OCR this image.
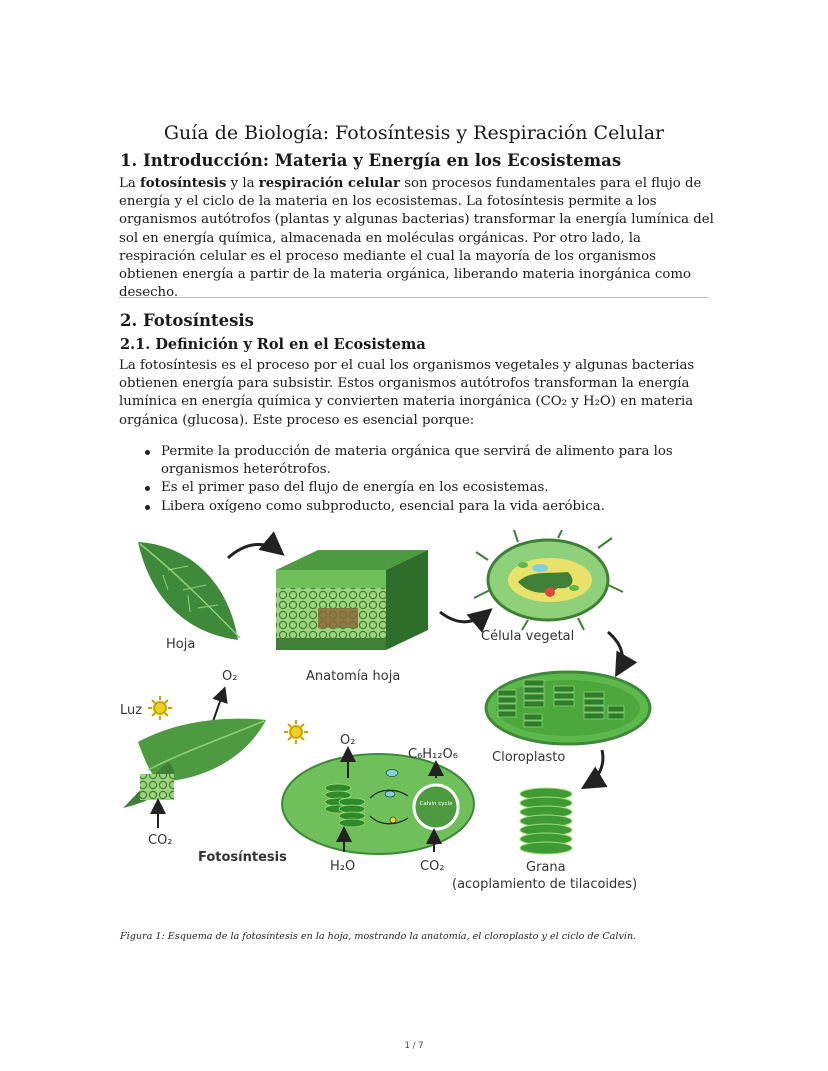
Guía de Biología: Fotosíntesis y Respiración Celular
1. Introducción: Materia y Energía en los Ecosistemas

La fotosíntesis y la respiración celular son procesos fundamentales para el flujo de energía y el ciclo de la materia en los ecosistemas. La fotosíntesis permite a los organismos autótrofos (plantas y algunas bacterias) transformar la energía lumínica del sol en energía química, almacenada en moléculas orgánicas. Por otro lado, la respiración celular es el proceso mediante el cual la mayoría de los organismos obtienen energía a partir de la materia orgánica, liberando materia inorgánica como desecho.

2. Fotosíntesis
2.1. Definición y Rol en el Ecosistema

La fotosíntesis es el proceso por el cual los organismos vegetales y algunas bacterias obtienen energía para subsistir. Estos organismos autótrofos transforman la energía lumínica en energía química y convierten materia inorgánica (CO₂ y H₂O) en materia orgánica (glucosa). Este proceso es esencial porque:

Permite la producción de materia orgánica que servirá de alimento para los organismos heterótrofos.
Es el primer paso del flujo de energía en los ecosistemas.
Libera oxígeno como subproducto, esencial para la vida aeróbica.
Hoja
Anatomía hoja
Célula vegetal
Cloroplasto
Grana
(acoplamiento de tilacoides)
Luz
O₂
CO₂
Fotosíntesis
Calvin cycle
O₂
C₆H₁₂O₆
H₂O	CO₂
Figura 1: Esquema de la fotosíntesis en la hoja, mostrando la anatomía, el cloroplasto y el ciclo de Calvin.
1 / 7
